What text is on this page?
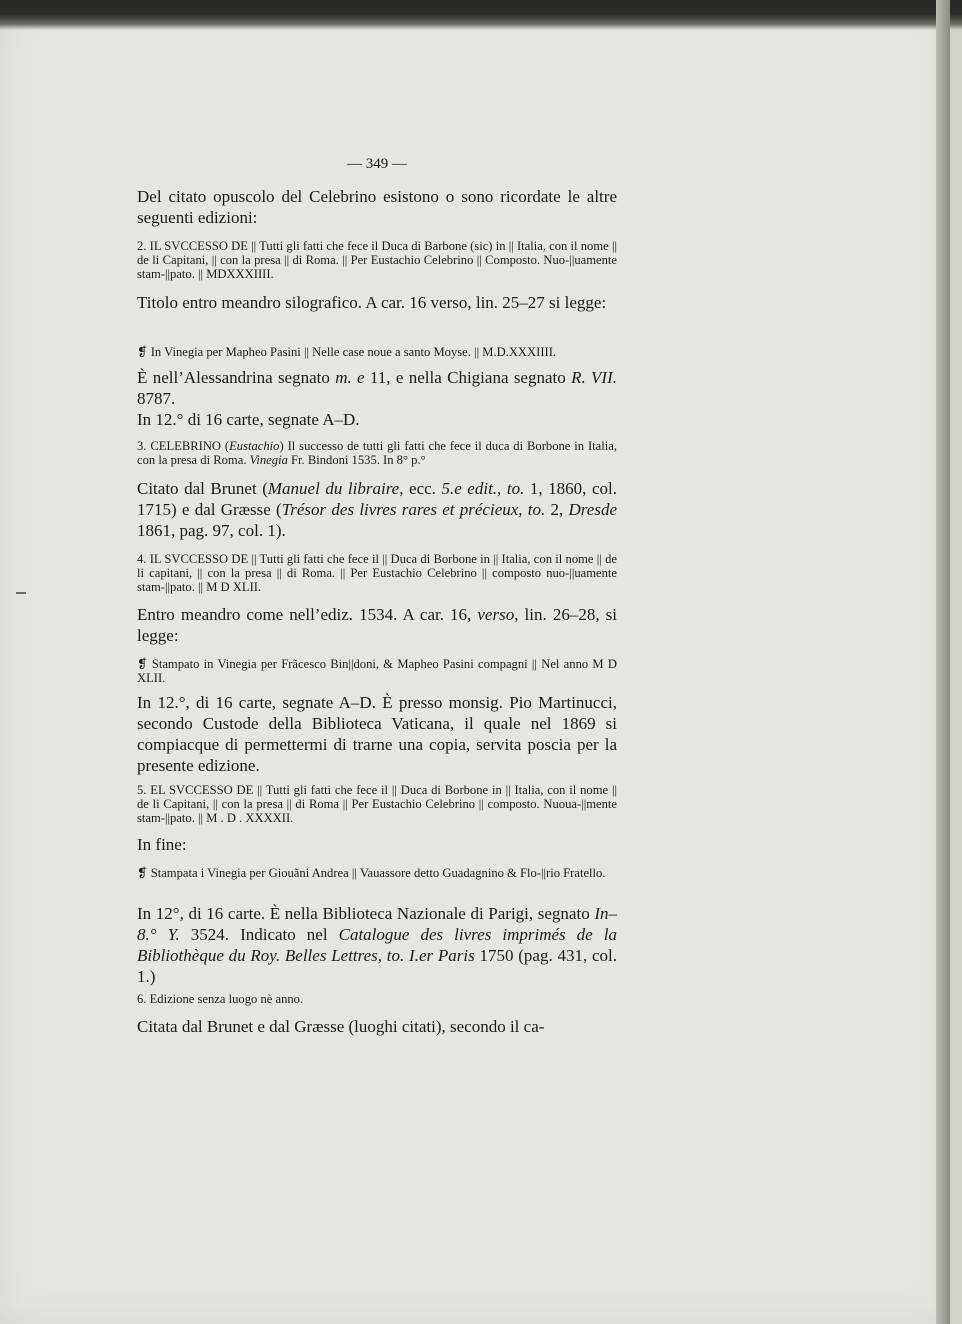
— 349 —
Del citato opuscolo del Celebrino esistono o sono ricordate le altre seguenti edizioni:
2. IL SVCCESSO DE || Tutti gli fatti che fece il Duca di Barbone (sic) in || Italia, con il nome || de li Capitani, || con la presa || di Roma. || Per Eustachio Celebrino || Composto. Nuo-||uamente stam-||pato. || MDXXXIIII.
Titolo entro meandro silografico. A car. 16 verso, lin. 25–27 si legge:
❡ In Vinegia per Mapheo Pasini || Nelle case noue a santo Moyse. || M.D.XXXIIII.
È nell’Alessandrina segnato m. e 11, e nella Chigiana segnato R. VII. 8787.
In 12.° di 16 carte, segnate A–D.
3. CELEBRINO (Eustachio) Il successo de tutti gli fatti che fece il duca di Borbone in Italia, con la presa di Roma. Vinegia Fr. Bindoni 1535. In 8° p.°
Citato dal Brunet (Manuel du libraire, ecc. 5.e edit., to. 1, 1860, col. 1715) e dal Græsse (Trésor des livres rares et précieux, to. 2, Dresde 1861, pag. 97, col. 1).
4. IL SVCCESSO DE || Tutti gli fatti che fece il || Duca di Borbone in || Italia, con il nome || de li capitani, || con la presa || di Roma. || Per Eustachio Celebrino || composto nuo-||uamente stam-||pato. || M D XLII.
Entro meandro come nell’ediz. 1534. A car. 16, verso, lin. 26–28, si legge:
❡ Stampato in Vinegia per Frãcesco Bin||doni, & Mapheo Pasini compagni || Nel anno M D XLII.
In 12.°, di 16 carte, segnate A–D. È presso monsig. Pio Martinucci, secondo Custode della Biblioteca Vaticana, il quale nel 1869 si compiacque di permettermi di trarne una copia, servita poscia per la presente edizione.
5. EL SVCCESSO DE || Tutti gli fatti che fece il || Duca di Borbone in || Italia, con il nome || de li Capitani, || con la presa || di Roma || Per Eustachio Celebrino || composto. Nuoua-||mente stam-||pato. || M . D . XXXXII.
In fine:
❡ Stampata i Vinegia per Giouãni Andrea || Vauassore detto Guadagnino & Flo-||rio Fratello.
In 12°, di 16 carte. È nella Biblioteca Nazionale di Parigi, segnato In–8.° Y. 3524. Indicato nel Catalogue des livres imprimés de la Bibliothèque du Roy. Belles Lettres, to. I.er Paris 1750 (pag. 431, col. 1.)
6. Edizione senza luogo nè anno.
Citata dal Brunet e dal Græsse (luoghi citati), secondo il ca-
